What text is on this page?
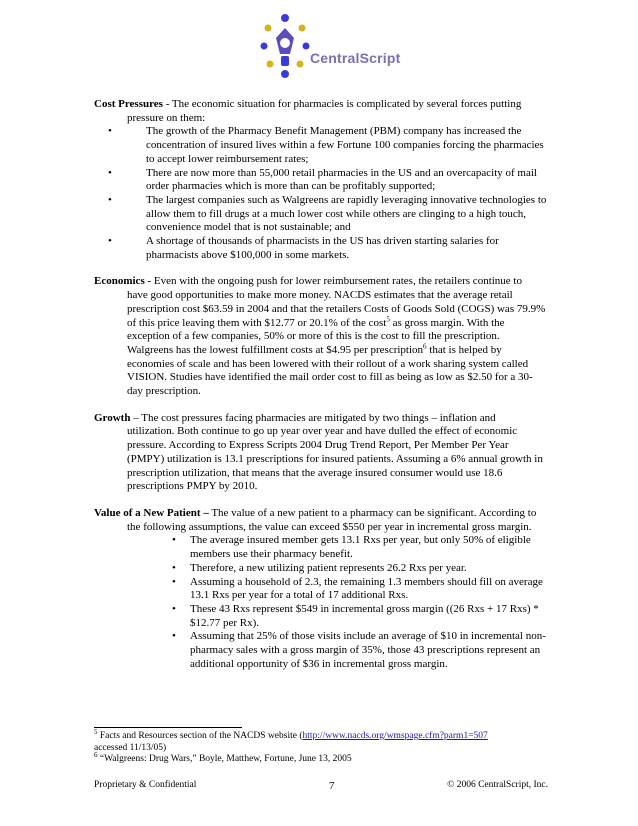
CentralScript
Cost Pressures - The economic situation for pharmacies is complicated by several forces putting
pressure on them:
• The growth of the Pharmacy Benefit Management (PBM) company has increased the concentration of insured lives within a few Fortune 100 companies forcing the pharmacies to accept lower reimbursement rates;
• There are now more than 55,000 retail pharmacies in the US and an overcapacity of mail order pharmacies which is more than can be profitably supported;
• The largest companies such as Walgreens are rapidly leveraging innovative technologies to allow them to fill drugs at a much lower cost while others are clinging to a high touch, convenience model that is not sustainable; and
• A shortage of thousands of pharmacists in the US has driven starting salaries for pharmacists above $100,000 in some markets.
Economics - Even with the ongoing push for lower reimbursement rates, the retailers continue to
have good opportunities to make more money. NACDS estimates that the average retail prescription cost $63.59 in 2004 and that the retailers Costs of Goods Sold (COGS) was 79.9% of this price leaving them with $12.77 or 20.1% of the cost$^5$ as gross margin. With the exception of a few companies, 50% or more of this is the cost to fill the prescription. Walgreens has the lowest fulfillment costs at $4.95 per prescription$^6$ that is helped by economies of scale and has been lowered with their rollout of a work sharing system called VISION. Studies have identified the mail order cost to fill as being as low as $2.50 for a 30-day prescription.
Growth – The cost pressures facing pharmacies are mitigated by two things – inflation and
utilization. Both continue to go up year over year and have dulled the effect of economic pressure. According to Express Scripts 2004 Drug Trend Report, Per Member Per Year (PMPY) utilization is 13.1 prescriptions for insured patients. Assuming a 6% annual growth in prescription utilization, that means that the average insured consumer would use 18.6 prescriptions PMPY by 2010.
Value of a New Patient – The value of a new patient to a pharmacy can be significant. According to
the following assumptions, the value can exceed $550 per year in incremental gross margin.
• The average insured member gets 13.1 Rxs per year, but only 50% of eligible members use their pharmacy benefit.
• Therefore, a new utilizing patient represents 26.2 Rxs per year.
• Assuming a household of 2.3, the remaining 1.3 members should fill on average 13.1 Rxs per year for a total of 17 additional Rxs.
• These 43 Rxs represent $549 in incremental gross margin ((26 Rxs + 17 Rxs) * $12.77 per Rx).
• Assuming that 25% of those visits include an average of $10 in incremental non-pharmacy sales with a gross margin of 35%, those 43 prescriptions represent an additional opportunity of $36 in incremental gross margin.
$^5$ Facts and Resources section of the NACDS website (http://www.nacds.org/wmspage.cfm?parm1=507
accessed 11/13/05)
$^6$ “Walgreens: Drug Wars,” Boyle, Matthew, Fortune, June 13, 2005
Proprietary & Confidential	7	© 2006 CentralScript, Inc.
